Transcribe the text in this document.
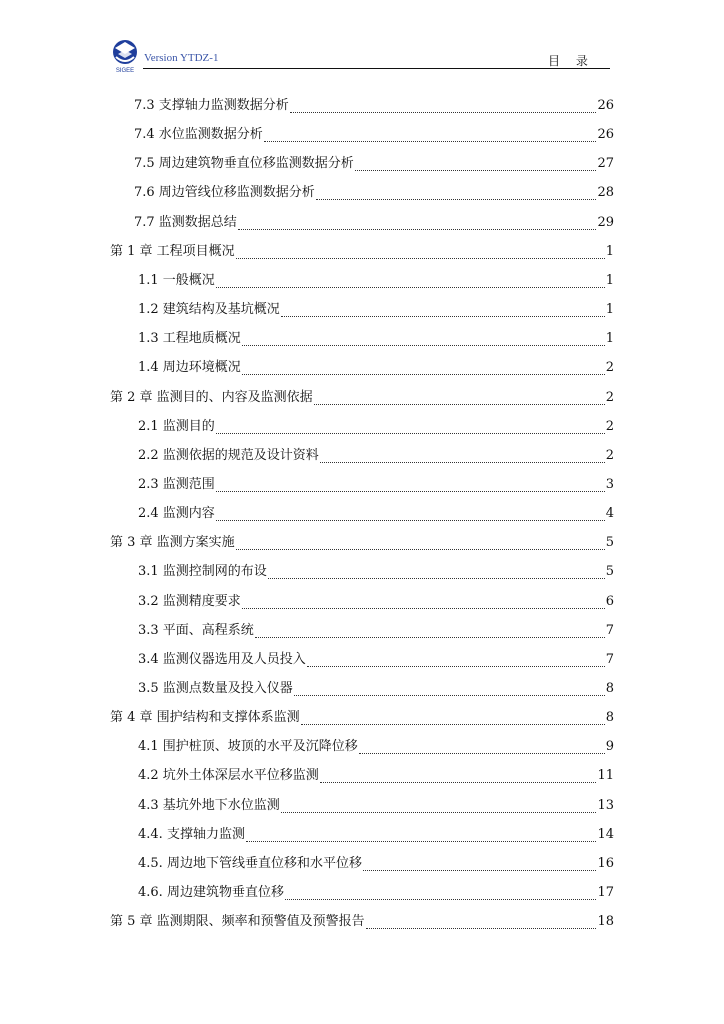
SIGEE
Version YTDZ-1	目 录
7.3 支撑轴力监测数据分析	26
7.4 水位监测数据分析	26
7.5 周边建筑物垂直位移监测数据分析	27
7.6 周边管线位移监测数据分析	28
7.7 监测数据总结	29
第 1 章 工程项目概况	1
1.1 一般概况	1
1.2 建筑结构及基坑概况	1
1.3 工程地质概况	1
1.4 周边环境概况	2
第 2 章 监测目的、内容及监测依据	2
2.1 监测目的	2
2.2 监测依据的规范及设计资料	2
2.3 监测范围	3
2.4 监测内容	4
第 3 章 监测方案实施	5
3.1 监测控制网的布设	5
3.2 监测精度要求	6
3.3 平面、高程系统	7
3.4 监测仪器选用及人员投入	7
3.5 监测点数量及投入仪器	8
第 4 章 围护结构和支撑体系监测	8
4.1 围护桩顶、坡顶的水平及沉降位移	9
4.2 坑外土体深层水平位移监测	11
4.3 基坑外地下水位监测	13
4.4. 支撑轴力监测	14
4.5. 周边地下管线垂直位移和水平位移	16
4.6. 周边建筑物垂直位移	17
第 5 章 监测期限、频率和预警值及预警报告	18
